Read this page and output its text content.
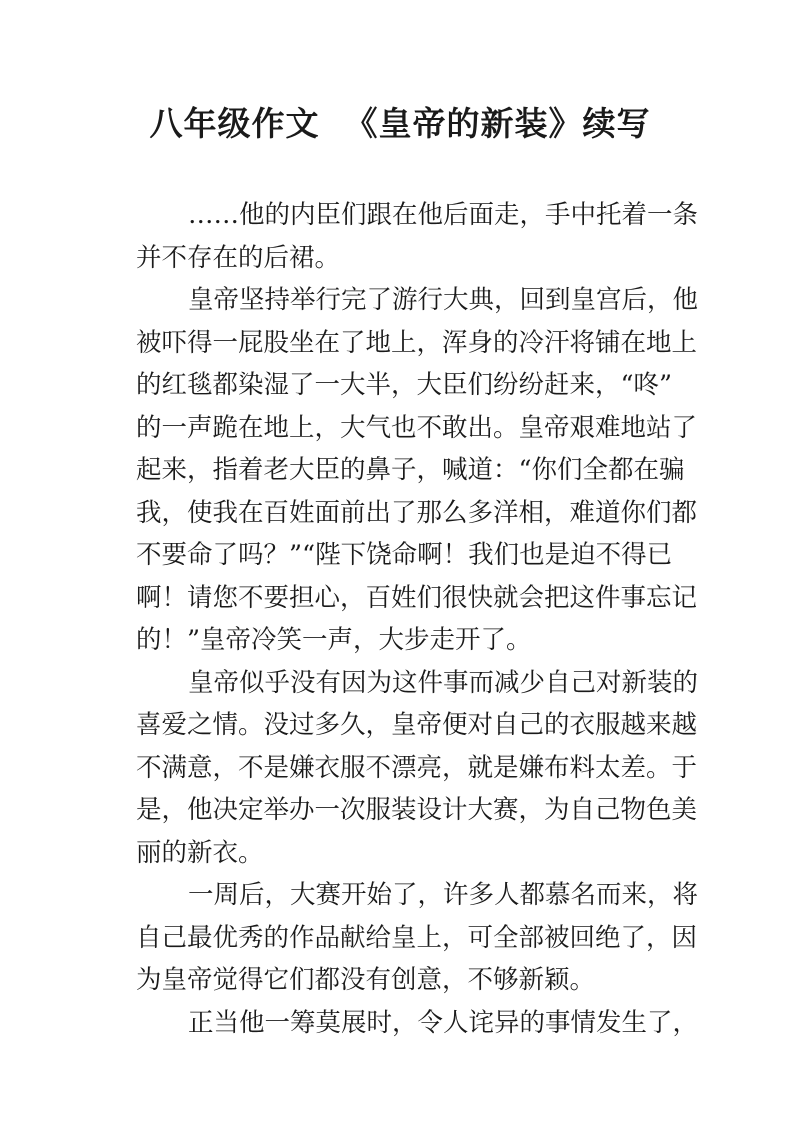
八年级作文  《皇帝的新装》续写
……他的内臣们跟在他后面走，手中托着一条
并不存在的后裙。
皇帝坚持举行完了游行大典，回到皇宫后，他
被吓得一屁股坐在了地上，浑身的冷汗将铺在地上
的红毯都染湿了一大半，大臣们纷纷赶来，“咚”
的一声跪在地上，大气也不敢出。皇帝艰难地站了
起来，指着老大臣的鼻子，喊道：“你们全都在骗
我，使我在百姓面前出了那么多洋相，难道你们都
不要命了吗？”“陛下饶命啊！我们也是迫不得已
啊！请您不要担心，百姓们很快就会把这件事忘记
的！”皇帝冷笑一声，大步走开了。
皇帝似乎没有因为这件事而减少自己对新装的
喜爱之情。没过多久，皇帝便对自己的衣服越来越
不满意，不是嫌衣服不漂亮，就是嫌布料太差。于
是，他决定举办一次服装设计大赛，为自己物色美
丽的新衣。
一周后，大赛开始了，许多人都慕名而来，将
自己最优秀的作品献给皇上，可全部被回绝了，因
为皇帝觉得它们都没有创意，不够新颖。
正当他一筹莫展时，令人诧异的事情发生了，
